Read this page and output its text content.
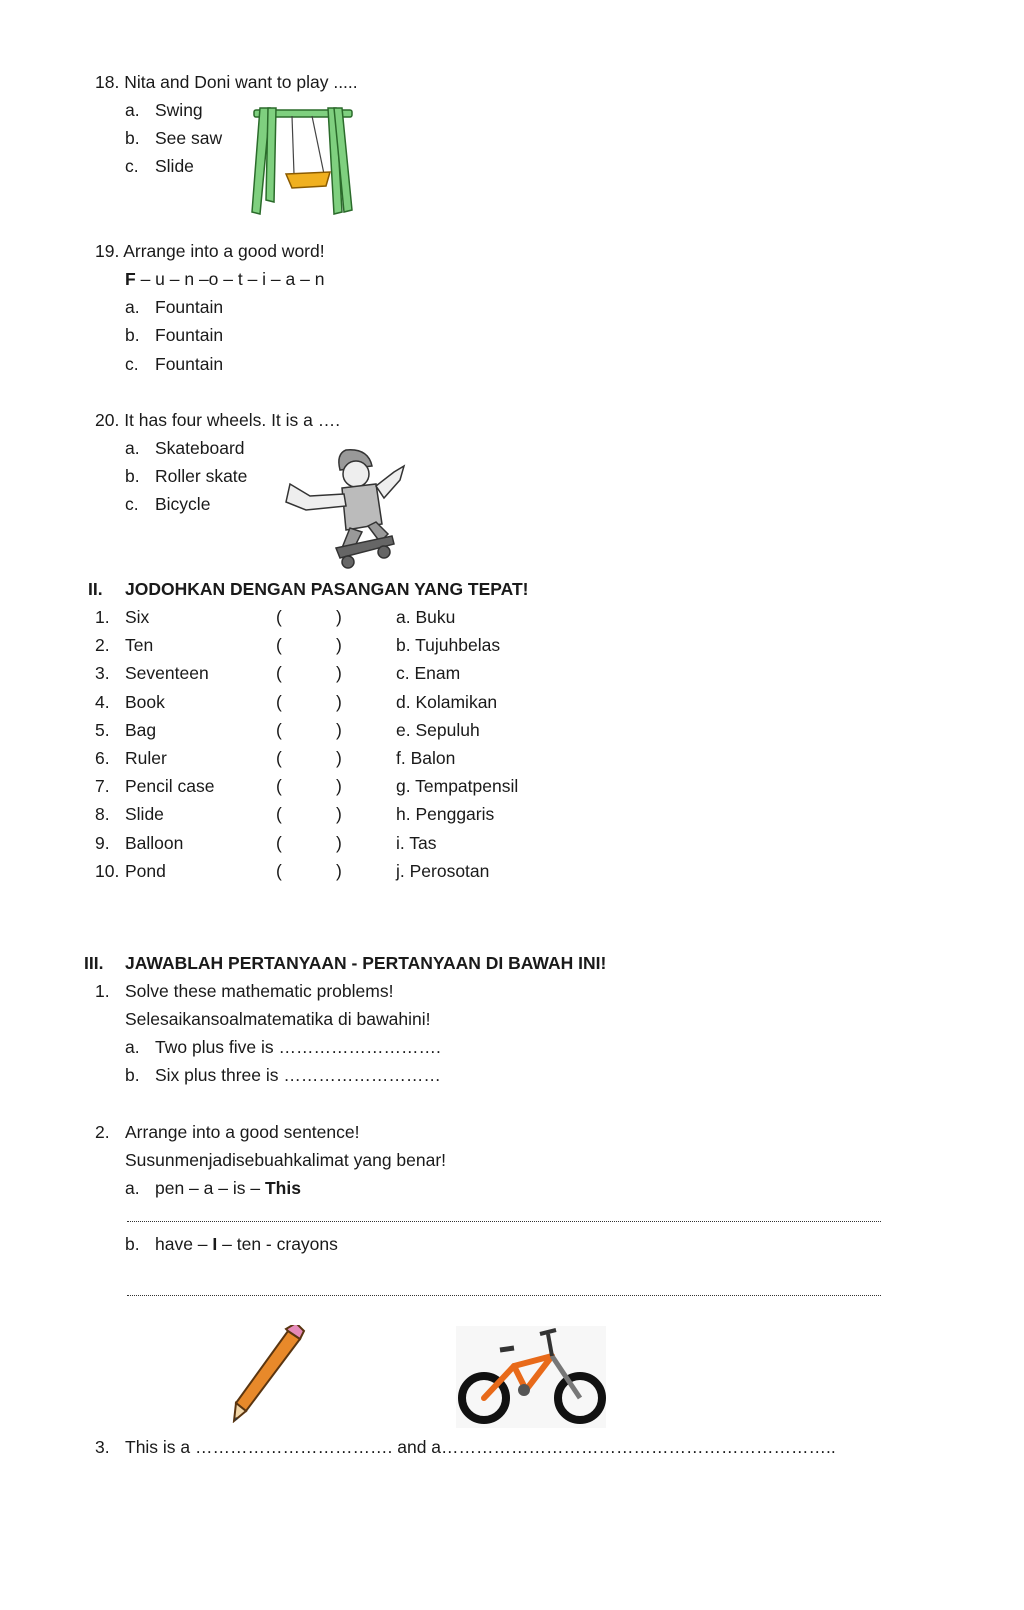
18. Nita and Doni want to play .....
a. Swing
b. See saw
c. Slide
19. Arrange into a good word!
F – u – n –o – t – i – a – n
a. Fountain
b. Fountain
c. Fountain
20. It has four wheels. It is a ….
a. Skateboard
b. Roller skate
c. Bicycle
II. JODOHKAN DENGAN PASANGAN YANG TEPAT!
1. Six	(	)	a. Buku
2. Ten	(	)	b. Tujuhbelas
3. Seventeen	(	)	c. Enam
4. Book	(	)	d. Kolamikan
5. Bag	(	)	e. Sepuluh
6. Ruler	(	)	f. Balon
7. Pencil case	(	)	g. Tempatpensil
8. Slide	(	)	h. Penggaris
9. Balloon	(	)	i. Tas
10. Pond	(	)	j. Perosotan
III. JAWABLAH PERTANYAAN - PERTANYAAN DI BAWAH INI!
1. Solve these mathematic problems!
Selesaikansoalmatematika di bawahini!
a. Two plus five is ……………………….
b. Six plus three is ………………………
2. Arrange into a good sentence!
Susunmenjadisebuahkalimat yang benar!
a. pen – a – is – This
b. have – I – ten - crayons
3. This is a ……………………………. and a…………………………………………………………..
